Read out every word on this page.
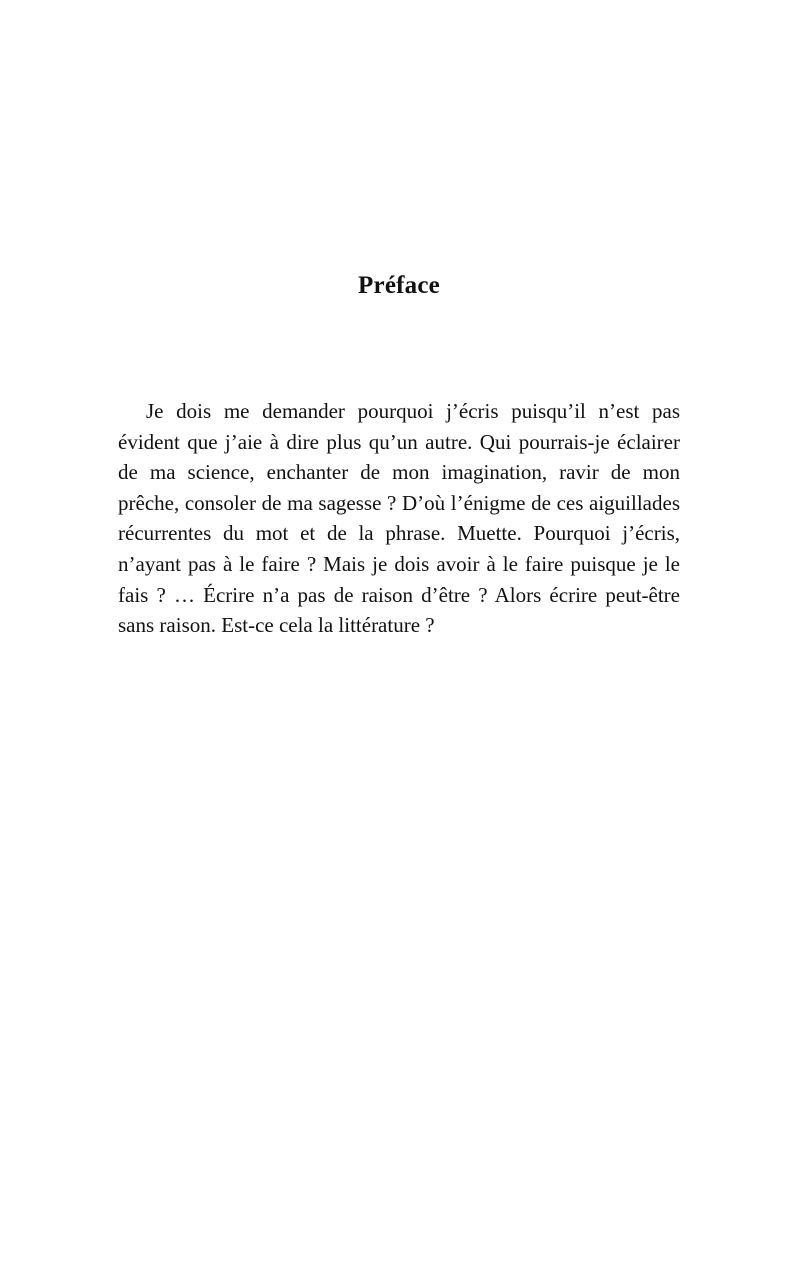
Préface

Je dois me demander pourquoi j’écris puisqu’il n’est pas évident que j’aie à dire plus qu’un autre. Qui pourrais-je éclairer de ma science, enchanter de mon imagination, ravir de mon prêche, consoler de ma sagesse ? D’où l’énigme de ces aiguillades récurrentes du mot et de la phrase. Muette. Pourquoi j’écris, n’ayant pas à le faire ? Mais je dois avoir à le faire puisque je le fais ? … Écrire n’a pas de raison d’être ? Alors écrire peut-être sans raison. Est-ce cela la littérature ?
